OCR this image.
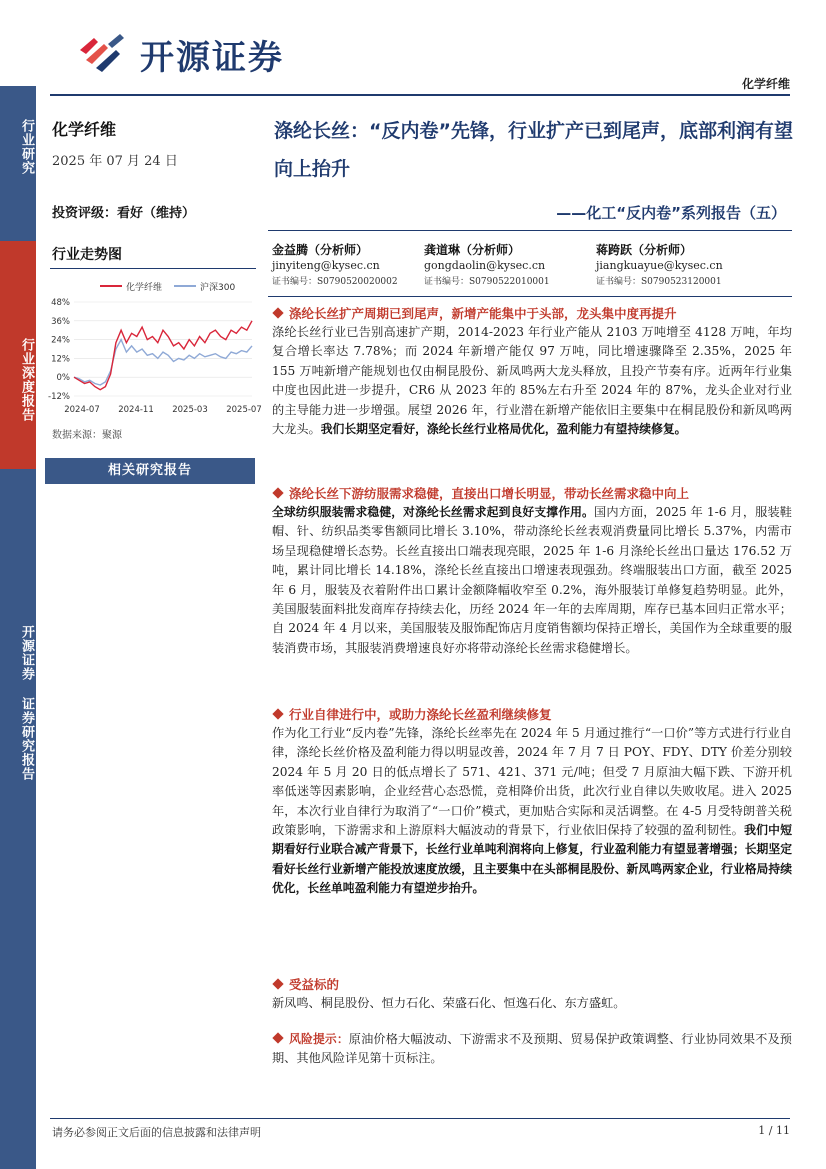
开源证券
化学纤维
行业研究
行业深度报告
开源证券 证券研究报告
化学纤维
2025 年 07 月 24 日
投资评级：看好（维持）
行业走势图
化学纤维	沪深300
48%
36%
24%
12%
0%
-12%
2024-07 2024-11 2025-03 2025-07
数据来源：聚源
相关研究报告
涤纶长丝：“反内卷”先锋，行业扩产已到尾声，底部利润有望向上抬升
——化工“反内卷”系列报告（五）
金益腾（分析师）
jinyiteng@kysec.cn
证书编号：S0790520020002
龚道琳（分析师）
gongdaolin@kysec.cn
证书编号：S0790522010001
蒋跨跃（分析师）
jiangkuayue@kysec.cn
证书编号：S0790523120001
涤纶长丝扩产周期已到尾声，新增产能集中于头部，龙头集中度再提升
涤纶长丝行业已告别高速扩产期，2014-2023 年行业产能从 2103 万吨增至 4128 万吨，年均复合增长率达 7.78%；而 2024 年新增产能仅 97 万吨，同比增速骤降至 2.35%，2025 年 155 万吨新增产能规划也仅由桐昆股份、新凤鸣两大龙头释放，且投产节奏有序。近两年行业集中度也因此进一步提升，CR6 从 2023 年的 85%左右升至 2024 年的 87%，龙头企业对行业的主导能力进一步增强。展望 2026 年，行业潜在新增产能依旧主要集中在桐昆股份和新凤鸣两大龙头。我们长期坚定看好，涤纶长丝行业格局优化，盈利能力有望持续修复。
涤纶长丝下游纺服需求稳健，直接出口增长明显，带动长丝需求稳中向上
全球纺织服装需求稳健，对涤纶长丝需求起到良好支撑作用。国内方面，2025 年 1-6 月，服装鞋帽、针、纺织品类零售额同比增长 3.10%，带动涤纶长丝表观消费量同比增长 5.37%，内需市场呈现稳健增长态势。长丝直接出口端表现亮眼，2025 年 1-6 月涤纶长丝出口量达 176.52 万吨，累计同比增长 14.18%，涤纶长丝直接出口增速表现强劲。终端服装出口方面，截至 2025 年 6 月，服装及衣着附件出口累计金额降幅收窄至 0.2%，海外服装订单修复趋势明显。此外，美国服装面料批发商库存持续去化，历经 2024 年一年的去库周期，库存已基本回归正常水平；自 2024 年 4 月以来，美国服装及服饰配饰店月度销售额均保持正增长，美国作为全球重要的服装消费市场，其服装消费增速良好亦将带动涤纶长丝需求稳健增长。
行业自律进行中，或助力涤纶长丝盈利继续修复
作为化工行业“反内卷”先锋，涤纶长丝率先在 2024 年 5 月通过推行“一口价”等方式进行行业自律，涤纶长丝价格及盈利能力得以明显改善，2024 年 7 月 7 日 POY、FDY、DTY 价差分别较 2024 年 5 月 20 日的低点增长了 571、421、371 元/吨；但受 7 月原油大幅下跌、下游开机率低迷等因素影响，企业经营心态恐慌，竞相降价出货，此次行业自律以失败收尾。进入 2025 年，本次行业自律行为取消了“一口价”模式，更加贴合实际和灵活调整。在 4-5 月受特朗普关税政策影响，下游需求和上游原料大幅波动的背景下，行业依旧保持了较强的盈利韧性。我们中短期看好行业联合减产背景下，长丝行业单吨利润将向上修复，行业盈利能力有望显著增强；长期坚定看好长丝行业新增产能投放速度放缓，且主要集中在头部桐昆股份、新凤鸣两家企业，行业格局持续优化，长丝单吨盈利能力有望逆步抬升。
受益标的
新凤鸣、桐昆股份、恒力石化、荣盛石化、恒逸石化、东方盛虹。
风险提示：原油价格大幅波动、下游需求不及预期、贸易保护政策调整、行业协同效果不及预期、其他风险详见第十页标注。
请务必参阅正文后面的信息披露和法律声明	1 / 11
